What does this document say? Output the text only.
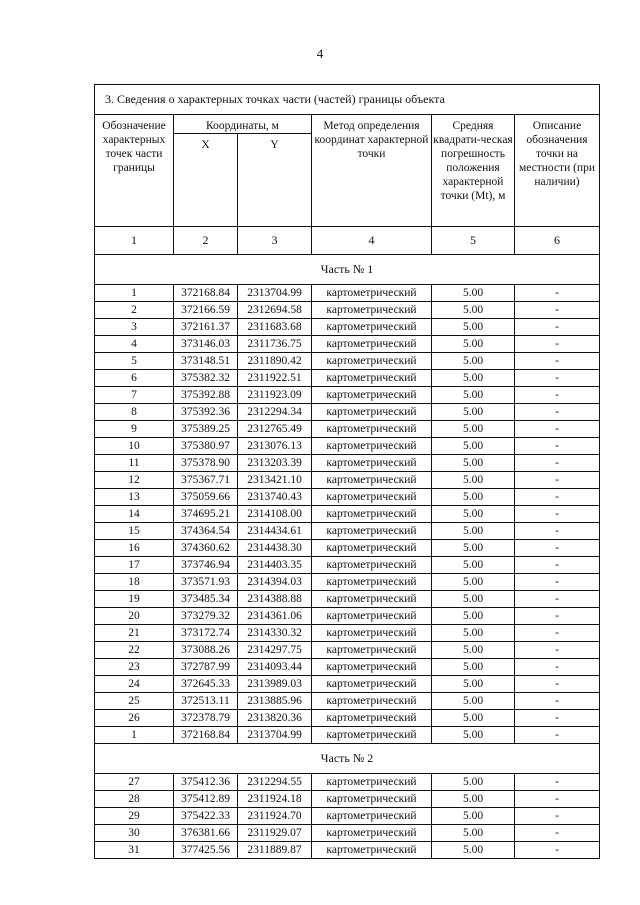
4
3. Сведения о характерных точках части (частей) границы объекта					
Обозначение характерных точек части границы	Координаты, м		Метод определения координат характерной точки	Средняя квадрати-ческая погрешность положения характерной точки (Mt), м	Описание обозначения точки на местности (при наличии)
	X	Y			
1	2	3	4	5	6
Часть № 1					
1	372168.84	2313704.99	картометрический	5.00	-
2	372166.59	2312694.58	картометрический	5.00	-
3	372161.37	2311683.68	картометрический	5.00	-
4	373146.03	2311736.75	картометрический	5.00	-
5	373148.51	2311890.42	картометрический	5.00	-
6	375382.32	2311922.51	картометрический	5.00	-
7	375392.88	2311923.09	картометрический	5.00	-
8	375392.36	2312294.34	картометрический	5.00	-
9	375389.25	2312765.49	картометрический	5.00	-
10	375380.97	2313076.13	картометрический	5.00	-
11	375378.90	2313203.39	картометрический	5.00	-
12	375367.71	2313421.10	картометрический	5.00	-
13	375059.66	2313740.43	картометрический	5.00	-
14	374695.21	2314108.00	картометрический	5.00	-
15	374364.54	2314434.61	картометрический	5.00	-
16	374360.62	2314438.30	картометрический	5.00	-
17	373746.94	2314403.35	картометрический	5.00	-
18	373571.93	2314394.03	картометрический	5.00	-
19	373485.34	2314388.88	картометрический	5.00	-
20	373279.32	2314361.06	картометрический	5.00	-
21	373172.74	2314330.32	картометрический	5.00	-
22	373088.26	2314297.75	картометрический	5.00	-
23	372787.99	2314093.44	картометрический	5.00	-
24	372645.33	2313989.03	картометрический	5.00	-
25	372513.11	2313885.96	картометрический	5.00	-
26	372378.79	2313820.36	картометрический	5.00	-
1	372168.84	2313704.99	картометрический	5.00	-
Часть № 2					
27	375412.36	2312294.55	картометрический	5.00	-
28	375412.89	2311924.18	картометрический	5.00	-
29	375422.33	2311924.70	картометрический	5.00	-
30	376381.66	2311929.07	картометрический	5.00	-
31	377425.56	2311889.87	картометрический	5.00	-
